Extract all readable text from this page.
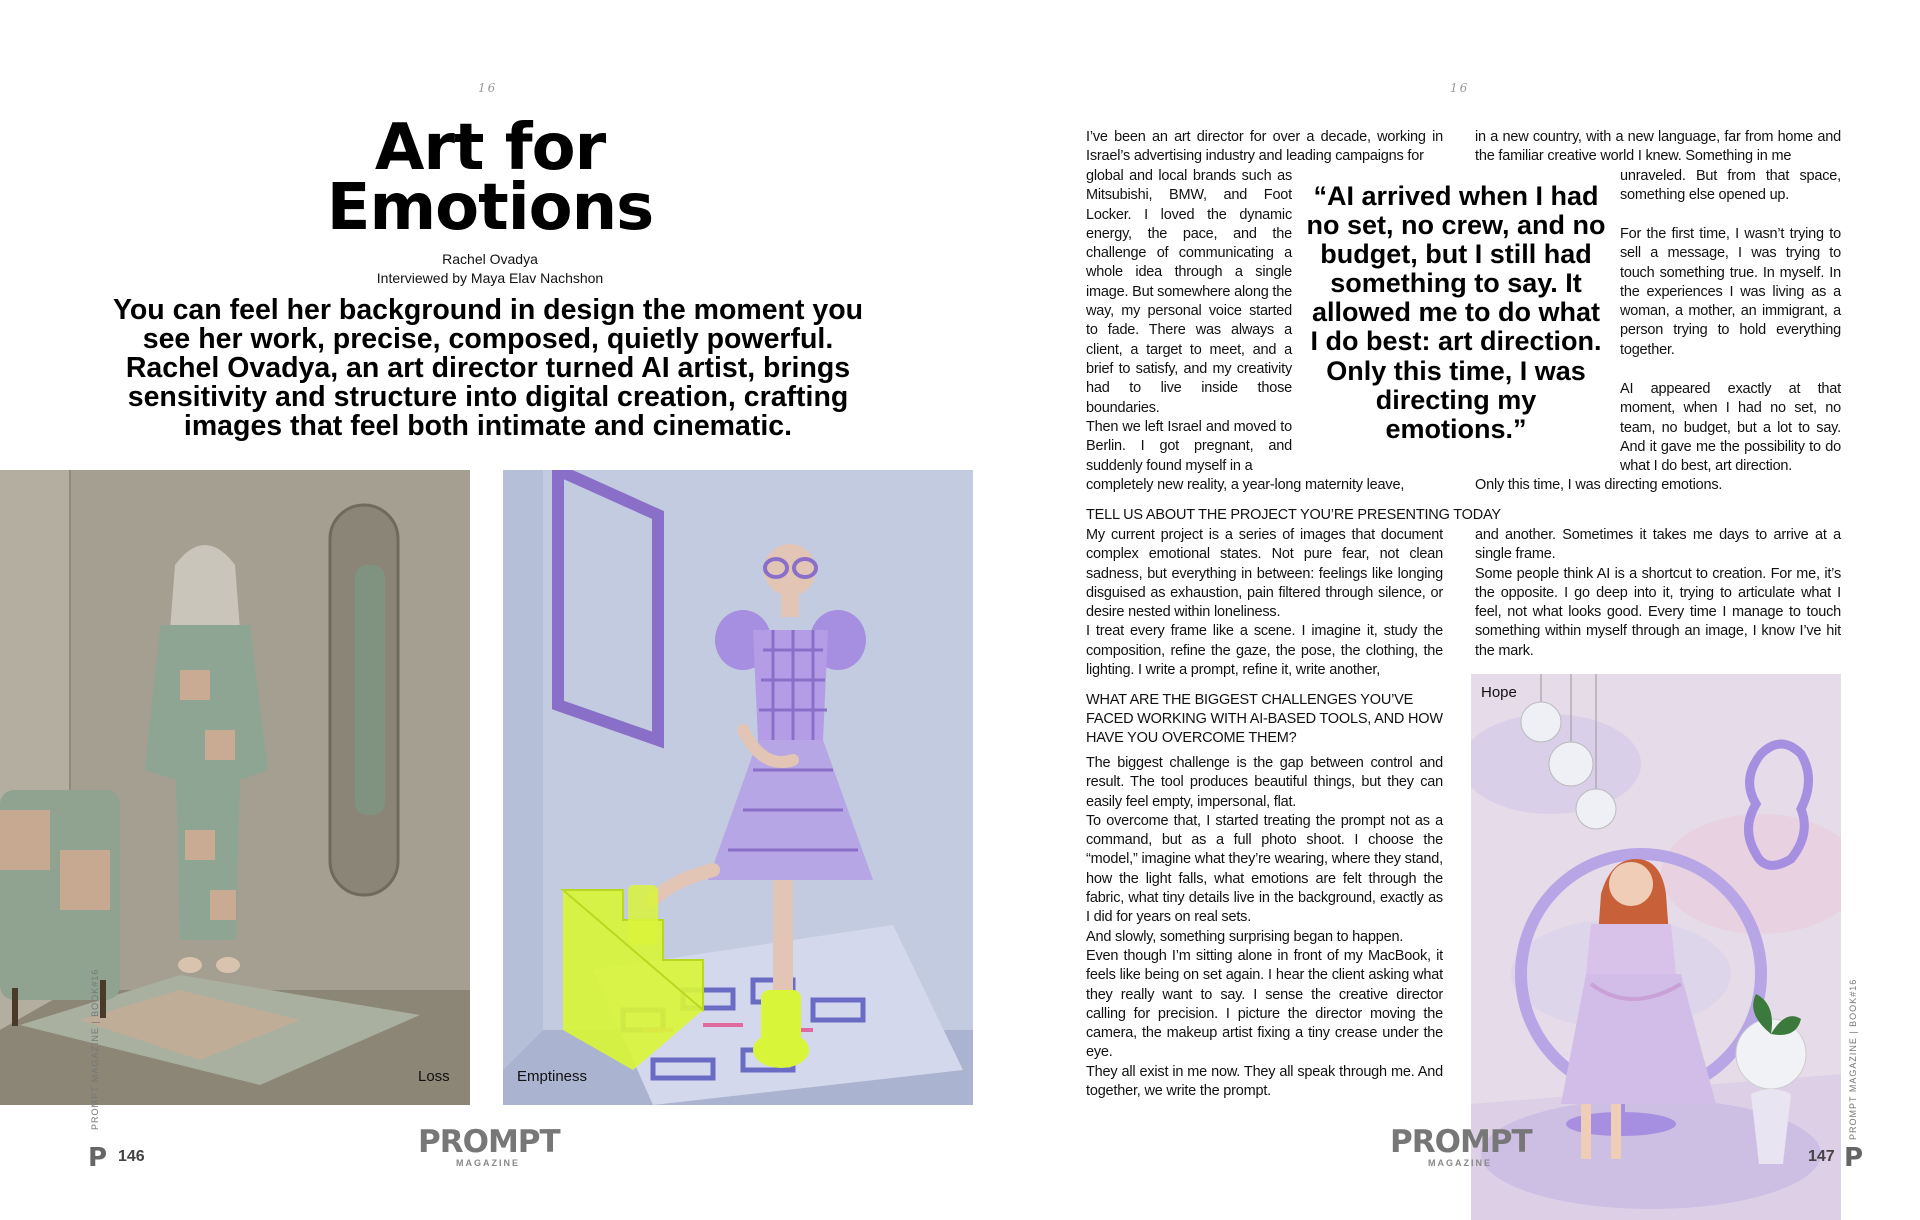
16
Art for
Emotions
Rachel Ovadya
Interviewed by Maya Elav Nachshon
You can feel her background in design the moment you see her work, precise, composed, quietly powerful. Rachel Ovadya, an art director turned AI artist, brings sensitivity and structure into digital creation, crafting images that feel both intimate and cinematic.
Loss	Emptiness
PROMPT MAGAZINE | BOOK#16
P 146	PROMPT
MAGAZINE
16
I’ve been an art director for over a decade, working in Israel’s advertising industry and leading campaigns for
global and local brands such as Mitsubishi, BMW, and Foot Locker. I loved the dynamic energy, the pace, and the challenge of communicating a whole idea through a single image. But somewhere along the way, my personal voice started to fade. There was always a client, a target to meet, and a brief to satisfy, and my creativity had to live inside those boundaries.
Then we left Israel and moved to Berlin. I got pregnant, and suddenly found myself in a
completely new reality, a year-long maternity leave,
“AI arrived when I had no set, no crew, and no budget, but I still had something to say. It allowed me to do what I do best: art direction. Only this time, I was directing my emotions.”
in a new country, with a new language, far from home and the familiar creative world I knew. Something in me
unraveled. But from that space, something else opened up.
For the first time, I wasn’t trying to sell a message, I was trying to touch something true. In myself. In the experiences I was living as a woman, a mother, an immigrant, a person trying to hold everything together.
AI appeared exactly at that moment, when I had no set, no team, no budget, but a lot to say. And it gave me the possibility to do what I do best, art direction.
Only this time, I was directing emotions.
TELL US ABOUT THE PROJECT YOU’RE PRESENTING TODAY

My current project is a series of images that document complex emotional states. Not pure fear, not clean sadness, but everything in between: feelings like longing disguised as exhaustion, pain filtered through silence, or desire nested within loneliness.

I treat every frame like a scene. I imagine it, study the composition, refine the gaze, the pose, the clothing, the lighting. I write a prompt, refine it, write another,

and another. Sometimes it takes me days to arrive at a single frame.

Some people think AI is a shortcut to creation. For me, it’s the opposite. I go deep into it, trying to articulate what I feel, not what looks good. Every time I manage to touch something within myself through an image, I know I’ve hit the mark.

WHAT ARE THE BIGGEST CHALLENGES YOU’VE FACED WORKING WITH AI-BASED TOOLS, AND HOW HAVE YOU OVERCOME THEM?

The biggest challenge is the gap between control and result. The tool produces beautiful things, but they can easily feel empty, impersonal, flat.

To overcome that, I started treating the prompt not as a command, but as a full photo shoot. I choose the “model,” imagine what they’re wearing, where they stand, how the light falls, what emotions are felt through the fabric, what tiny details live in the background, exactly as I did for years on real sets.

And slowly, something surprising began to happen.

Even though I’m sitting alone in front of my MacBook, it feels like being on set again. I hear the client asking what they really want to say. I sense the creative director calling for precision. I picture the director moving the camera, the makeup artist fixing a tiny crease under the eye.

They all exist in me now. They all speak through me. And together, we write the prompt.

Hope
PROMPT
MAGAZINE	147 P
PROMPT MAGAZINE | BOOK#16
